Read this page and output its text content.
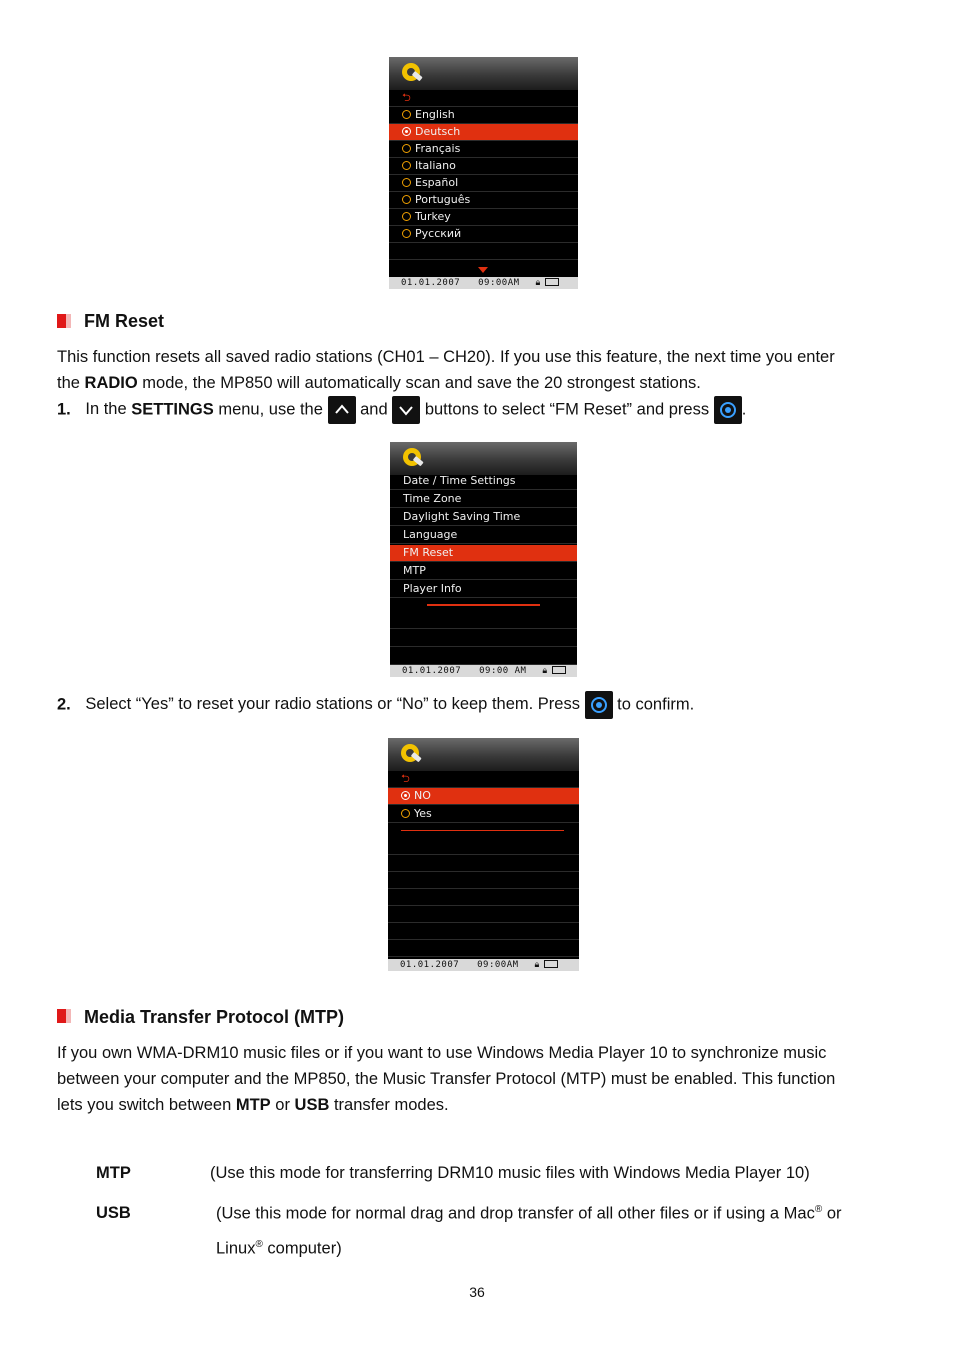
⮌
English
Deutsch
Français
Italiano
Español
Português
Turkey
Русский
01.01.2007 09:00AM 🔒︎
FM Reset
This function resets all saved radio stations (CH01 – CH20). If you use this feature, the next time you enter
the RADIO mode, the MP850 will automatically scan and save the 20 strongest stations.
1. In the SETTINGS menu, use the
and
buttons to select “FM Reset” and press
.
Date / Time Settings
Time Zone
Daylight Saving Time
Language
FM Reset
MTP
Player Info
01.01.2007 09:00 AM 🔒︎
2. Select “Yes” to reset your radio stations or “No” to keep them. Press
to confirm.
⮌
NO
Yes
01.01.2007 09:00AM 🔒︎
Media Transfer Protocol (MTP)
If you own WMA-DRM10 music files or if you want to use Windows Media Player 10 to synchronize music
between your computer and the MP850, the Music Transfer Protocol (MTP) must be enabled. This function
lets you switch between MTP or USB transfer modes.
MTP	(Use this mode for transferring DRM10 music files with Windows Media Player 10)
USB	(Use this mode for normal drag and drop transfer of all other files or if using a Mac® or
Linux® computer)
36
